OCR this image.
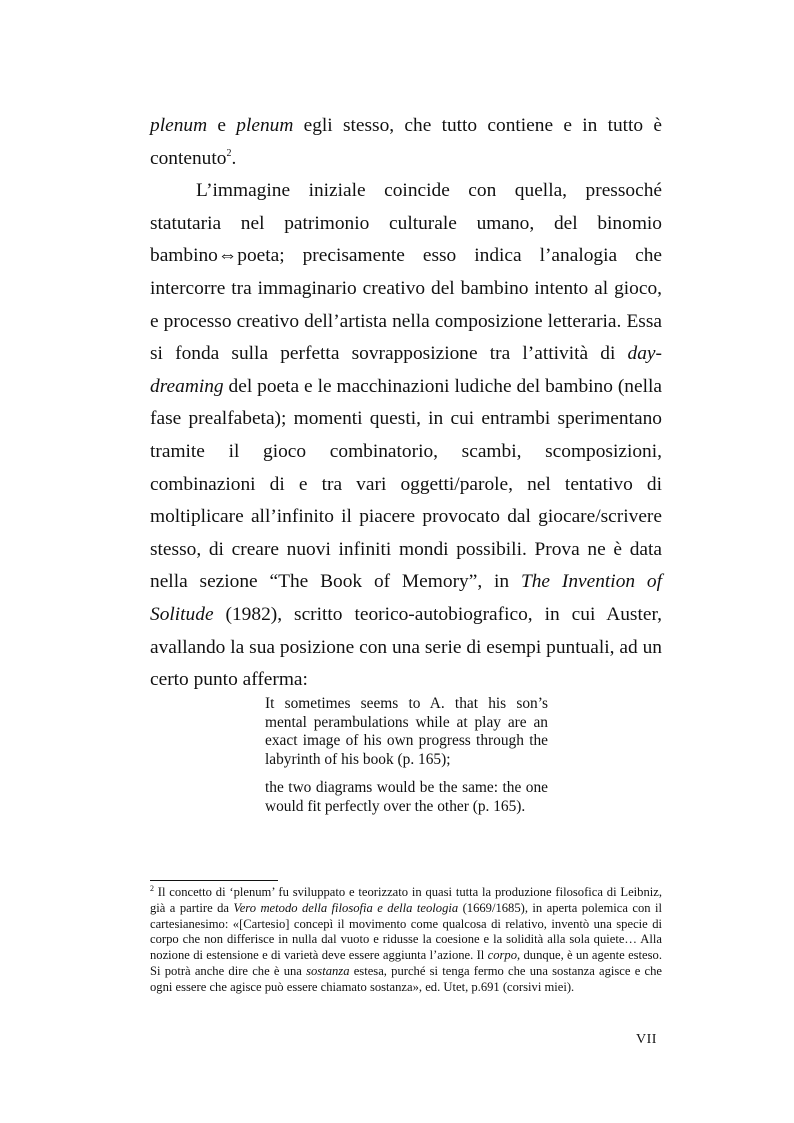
plenum e plenum egli stesso, che tutto contiene e in tutto è contenuto$^2$.

L’immagine iniziale coincide con quella, pressoché statutaria nel patrimonio culturale umano, del binomio bambino⇔poeta; precisamente esso indica l’analogia che intercorre tra immaginario creativo del bambino intento al gioco, e processo creativo dell’artista nella composizione letteraria. Essa si fonda sulla perfetta sovrapposizione tra l’attività di day-dreaming del poeta e le macchinazioni ludiche del bambino (nella fase prealfabeta); momenti questi, in cui entrambi sperimentano tramite il gioco combinatorio, scambi, scomposizioni, combinazioni di e tra vari oggetti/parole, nel tentativo di moltiplicare all’infinito il piacere provocato dal giocare/scrivere stesso, di creare nuovi infiniti mondi possibili. Prova ne è data nella sezione “The Book of Memory”, in The Invention of Solitude (1982), scritto teorico-autobiografico, in cui Auster, avallando la sua posizione con una serie di esempi puntuali, ad un certo punto afferma:

It sometimes seems to A. that his son’s mental perambulations while at play are an exact image of his own progress through the labyrinth of his book (p. 165);

the two diagrams would be the same: the one would fit perfectly over the other (p. 165).

$^2$ Il concetto di ‘plenum’ fu sviluppato e teorizzato in quasi tutta la produzione filosofica di Leibniz, già a partire da Vero metodo della filosofia e della teologia (1669/1685), in aperta polemica con il cartesianesimo: «[Cartesio] concepì il movimento come qualcosa di relativo, inventò una specie di corpo che non differisce in nulla dal vuoto e ridusse la coesione e la solidità alla sola quiete… Alla nozione di estensione e di varietà deve essere aggiunta l’azione. Il corpo, dunque, è un agente esteso. Si potrà anche dire che è una sostanza estesa, purché si tenga fermo che una sostanza agisce e che ogni essere che agisce può essere chiamato sostanza», ed. Utet, p.691 (corsivi miei).

VII
